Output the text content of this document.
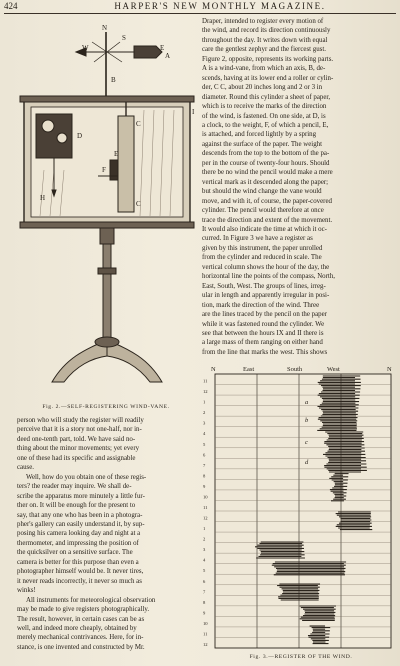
424	HARPER'S NEW MONTHLY MAGAZINE.
N
W	E
S
B
A
D
C
C
F
E
H
I
Fig. 2.—SELF-REGISTERING WIND-VANE.
person who will study the register will readily
perceive that it is a story not one-half, nor in-
deed one-tenth part, told. We have said no-
thing about the minor movements; yet every
one of these had its specific and assignable
cause.
Well, how do you obtain one of these regis-
ters? the reader may inquire. We shall de-
scribe the apparatus more minutely a little fur-
ther on. It will be enough for the present to
say, that any one who has been in a photogra-
pher's gallery can easily understand it, by sup-
posing his camera looking day and night at a
thermometer, and impressing the position of
the quicksilver on a sensitive surface. The
camera is better for this purpose than even a
photographer himself would be. It never tires,
it never reads incorrectly, it never so much as
winks!
All instruments for meteorological observation
may be made to give registers photographically.
The result, however, in certain cases can be as
well, and indeed more cheaply, obtained by
merely mechanical contrivances. Here, for in-
stance, is one invented and constructed by Mr.
Draper, intended to register every motion of
the wind, and record its direction continuously
throughout the day. It writes down with equal
care the gentlest zephyr and the fiercest gust.
Figure 2, opposite, represents its working parts.
A is a wind-vane, from which an axis, B, de-
scends, having at its lower end a roller or cylin-
der, C C, about 20 inches long and 2 or 3 in
diameter. Round this cylinder a sheet of paper,
which is to receive the marks of the direction
of the wind, is fastened. On one side, at D, is
a clock, to the weight, F, of which a pencil, E,
is attached, and forced lightly by a spring
against the surface of the paper. The weight
descends from the top to the bottom of the pa-
per in the course of twenty-four hours. Should
there be no wind the pencil would make a mere
vertical mark as it descended along the paper;
but should the wind change the vane would
move, and with it, of course, the paper-covered
cylinder. The pencil would therefore at once
trace the direction and extent of the movement.
It would also indicate the time at which it oc-
curred. In Figure 3 we have a register as
given by this instrument, the paper unrolled
from the cylinder and reduced in scale. The
vertical column shows the hour of the day, the
horizontal line the points of the compass, North,
East, South, West. The groups of lines, irreg-
ular in length and apparently irregular in posi-
tion, mark the direction of the wind. Three
are the lines traced by the pencil on the paper
while it was fastened round the cylinder. We
see that between the hours IX and II there is
a large mass of them ranging on either hand
from the line that marks the west. This shows
N	East	South	West	N
11
12
1
2
3
4
5
6
7
8
9
10
11
12
1
2
3
4
5
6
7
8
9
10
11
12
a
b
c
d
Fig. 3.—REGISTER OF THE WIND.
